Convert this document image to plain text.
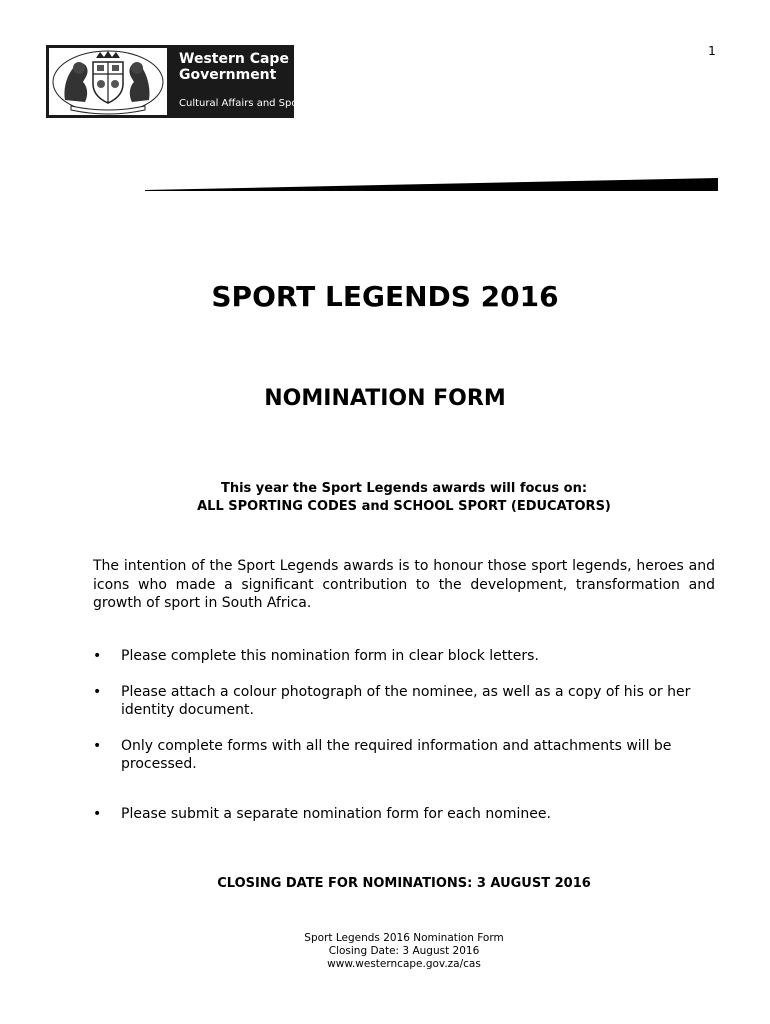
1
Western Cape
Government
Cultural Affairs and Sport
SPORT LEGENDS 2016
NOMINATION FORM
This year the Sport Legends awards will focus on:
ALL SPORTING CODES and SCHOOL SPORT (EDUCATORS)
The intention of the Sport Legends awards is to honour those sport legends, heroes and icons who made a significant contribution to the development, transformation and growth of sport in South Africa.
• Please complete this nomination form in clear block letters.
• Please attach a colour photograph of the nominee, as well as a copy of his or her identity document.
• Only complete forms with all the required information and attachments will be processed.
• Please submit a separate nomination form for each nominee.
CLOSING DATE FOR NOMINATIONS: 3 AUGUST 2016
Sport Legends 2016 Nomination Form
Closing Date: 3 August 2016
www.westerncape.gov.za/cas
